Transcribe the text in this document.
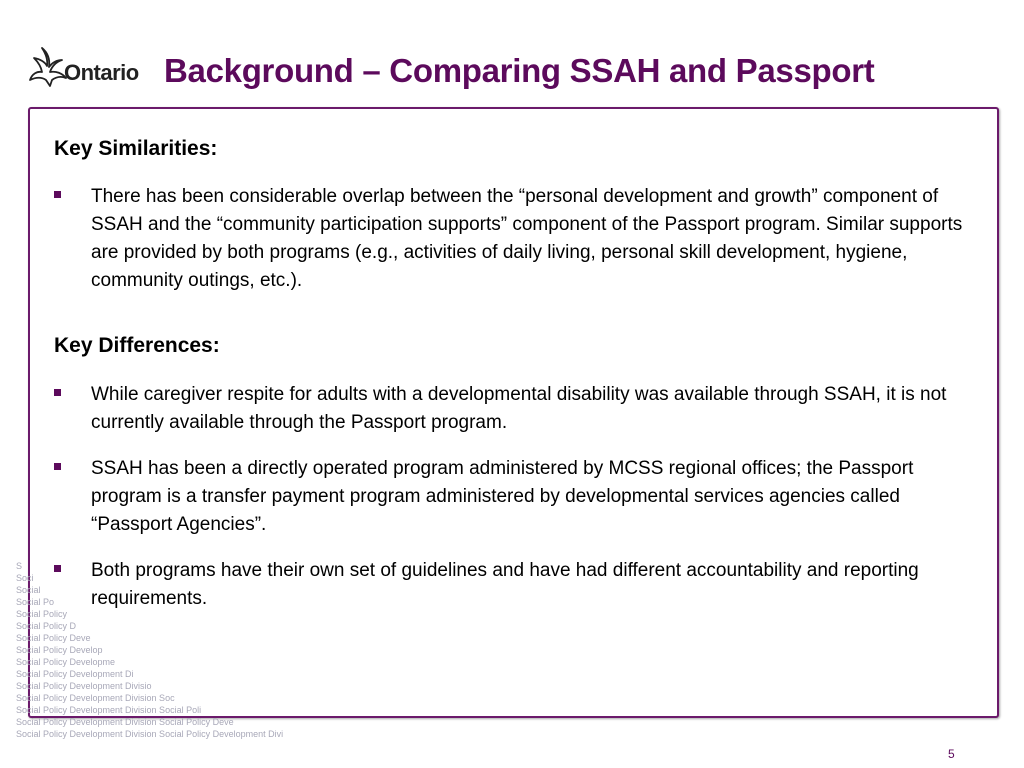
Ontario Background – Comparing SSAH and Passport
S
Soci
Social
Social Po
Social Policy
Social Policy D
Social Policy Deve
Social Policy Develop
Social Policy Developme
Social Policy Development Di
Social Policy Development Divisio
Social Policy Development Division Soc
Social Policy Development Division Social Poli
Social Policy Development Division Social Policy Deve
Social Policy Development Division Social Policy Development Divi
Key Similarities:
There has been considerable overlap between the “personal development and growth” component of SSAH and the “community participation supports” component of the Passport program. Similar supports are provided by both programs (e.g., activities of daily living, personal skill development, hygiene, community outings, etc.).
Key Differences:
While caregiver respite for adults with a developmental disability was available through SSAH, it is not currently available through the Passport program.
SSAH has been a directly operated program administered by MCSS regional offices; the Passport program is a transfer payment program administered by developmental services agencies called “Passport Agencies”.
Both programs have their own set of guidelines and have had different accountability and reporting requirements.
5
